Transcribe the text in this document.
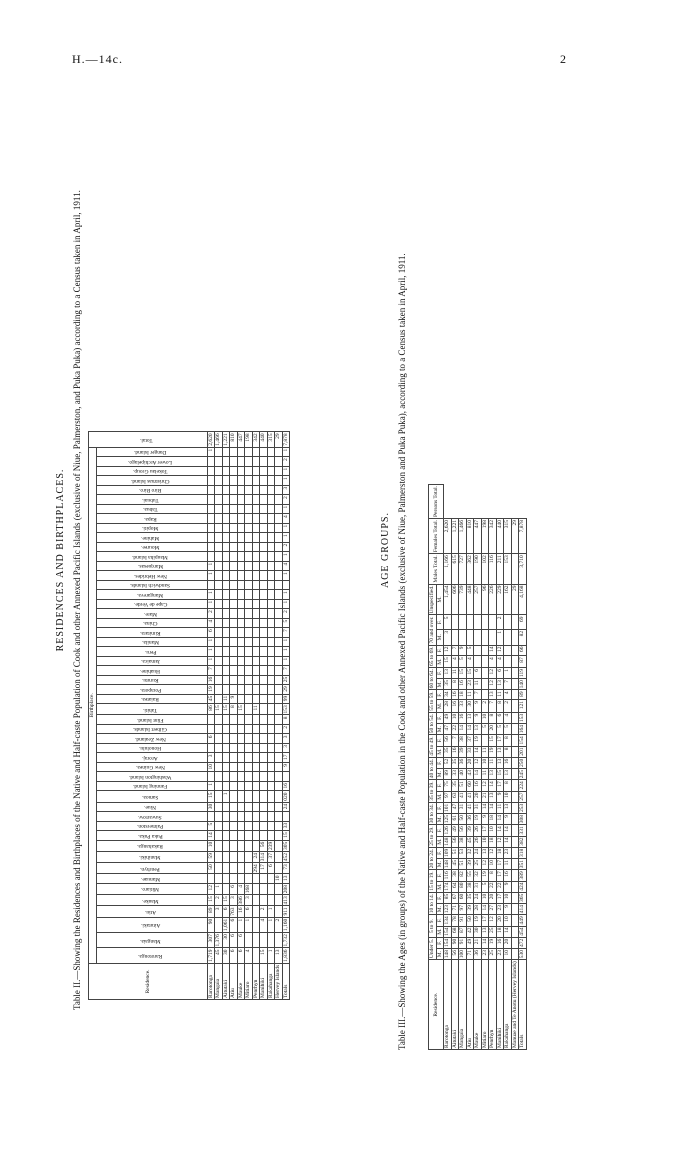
H.—14c.	2
RESIDENCES AND BIRTHPLACES. Table II.—Showing the Residences and Birthplaces of the Native and Half-caste Population of Cook and other Annexed Pacific Islands (exclusive of Niue, Palmerston, and Puka Puka) according to a Census taken in April, 1911.	Residence.	Birthplace.																																																			Total.
	Rarotonga.	Mangaia.	Aitutaki.	Atiu.	Mauke.	Mitiaro.	Manuae.	Penrhyn.	Manihiki.	Rakahanga.	Puka Puka.	Palmerston.	Suwarrow.	Niue.	Samoa.	Fanning Island.	Washington Island.	New Guinea.	Aroraj.	Honolulu.	New Zealand.	Gilbert Islands.	Flint Island.	Tahiti.	Raiatea.	Porapora.	Rurutu.	Huahine.	Jamaica.	Peru.	Manila.	Rimitara.	China.	Mare.	Cape de Verde.	Mangareva.	Sandwich Islands.	New Hebrides.	Marquesas.	Maupiha Island.	Mouree.	Mahine.	Mopiti.	Rapa.	Tabua.	Tubuai.	Biro Biro.	Christmas Island.	Tokelau Group.	Lower Archipelago.	Danger Island.	
Rarotonga	1,719	307	90	89	15	12		50	59	10	14	5		30	15	1		10	3		6			86	45	19	16	7	1	1	1	6	4	2	1	1		1	1												1	2,620
Mangaia	45	1,376		3	2	1																		15																												1,466
Aitutaki	30	30	1,061	6	15										1									15	11																											1,221
Atiu	6	6	6	763	3	6																		8	9																											810
Mauke	6	6	1	16	386	4																		15																												447
Mitiaro	4		1	6	3	168																																														198
Penrhyn								294	24															11																												342
Manihiki	15		4	2				17	314	56																																										440
Rakahanga	1		1	1				6	37	239																																										315
Hervey Islands	13		2				10																																													29
Totals	1,836	1,732	1,160	911	413	208	13	73	452	305	15	33		24	020	16		9	17	3	3	2	8	153	99	29	25	7	1	1	1	7	5	2	1	1		1	4	1	2	1	1	4	1	2	3	1	1	2	1	7,878
AGE GROUPS. Table III.—Showing the Ages (in groups) of the Native and Half-caste Population in the Cook and other Annexed Pacific Islands (exclusive of Niue, Palmerston and Puka Puka), according to a Census taken in April, 1911.	Residence.	Under 5.		5 to 9.		10 to 14.		15 to 19.		20 to 24.		25 to 29.		30 to 34.		35 to 39.		40 to 44.		45 to 49.		50 to 54.		55 to 59.		60 to 64.		65 to 69.		70 and over.		Unspecified.	Males Total.	Females Total.	Persons Total.
	M.	F.	M.	F.	M.	F.	M.	F.	M.	F.	M.	F.	M.	F.	M.	F.	M.	F.	M.	F.	M.	F.	M.	F.	M.	F.	M.	F.	M.	F.	M.			
Rarotonga	148	154	154	134	123	85	174	116	148	109	148	126	125	101	97	75	89	52	35	56	47	49	28	34	35	13	15	12	3	5	1,454	1,166	2,620	
Aitutaki	56	90	68	78	71	67	64	38	45	51	56	49	61	47	63	35	33	35	16	7	22	10	16	16	8	11	4	7			606	615	1,221	
Mangaia	100	91	87	91	97	60	80	82	51	53	38	56	50	31	41	51	40	36	39	38	14	16	33	18	16	15	5	9			739	727	1,466	
Atiu	71	49	42	50	39	35	38	55	39	32	45	39	36	41	41	60	43	20	33	37	14	13	30	11	23	15	4	5			448	362	810	
Mauke	36	21	30	19	28	24	31	32	25	24	26	26	19	31	20	16	14	12	14	19	13	9	9	7	11	6					257	190	447	
Mitiaro	23	14	13	17	14	10	5	19	12	13	10	17	9	14	21	12	11	10	11		5	10	2								96	102	198	
Penrhyn	25	19	25	12	27	20	22	8	10	12	18	10	18	14	13	14	13	11	19	15	20	8	7	13	12	12	4	14			226	116	342	
Manihiki	23	16	18	20	23	17	22	17	17	18	12	14	14	11	9	17	15	13	13	17	5	6	8	11	13	6	4	12	1	2	229	211	440	
Rakahanga	10	20	14	10	9	10	9	16	11	23	14	14	9	13	10	8	13	16	8	8	5	4	2	4	7	1					162	153	315	
Manuae and Te Anotu (Hervey Islands)																															29		29	
Totals	530	472	454	449	414	365	424	389	351	318	382	331	308	253	257	224	245	250	201	154	164	153	121	89	140	119	87	66	82	69	4,168	3,710	7,878	
